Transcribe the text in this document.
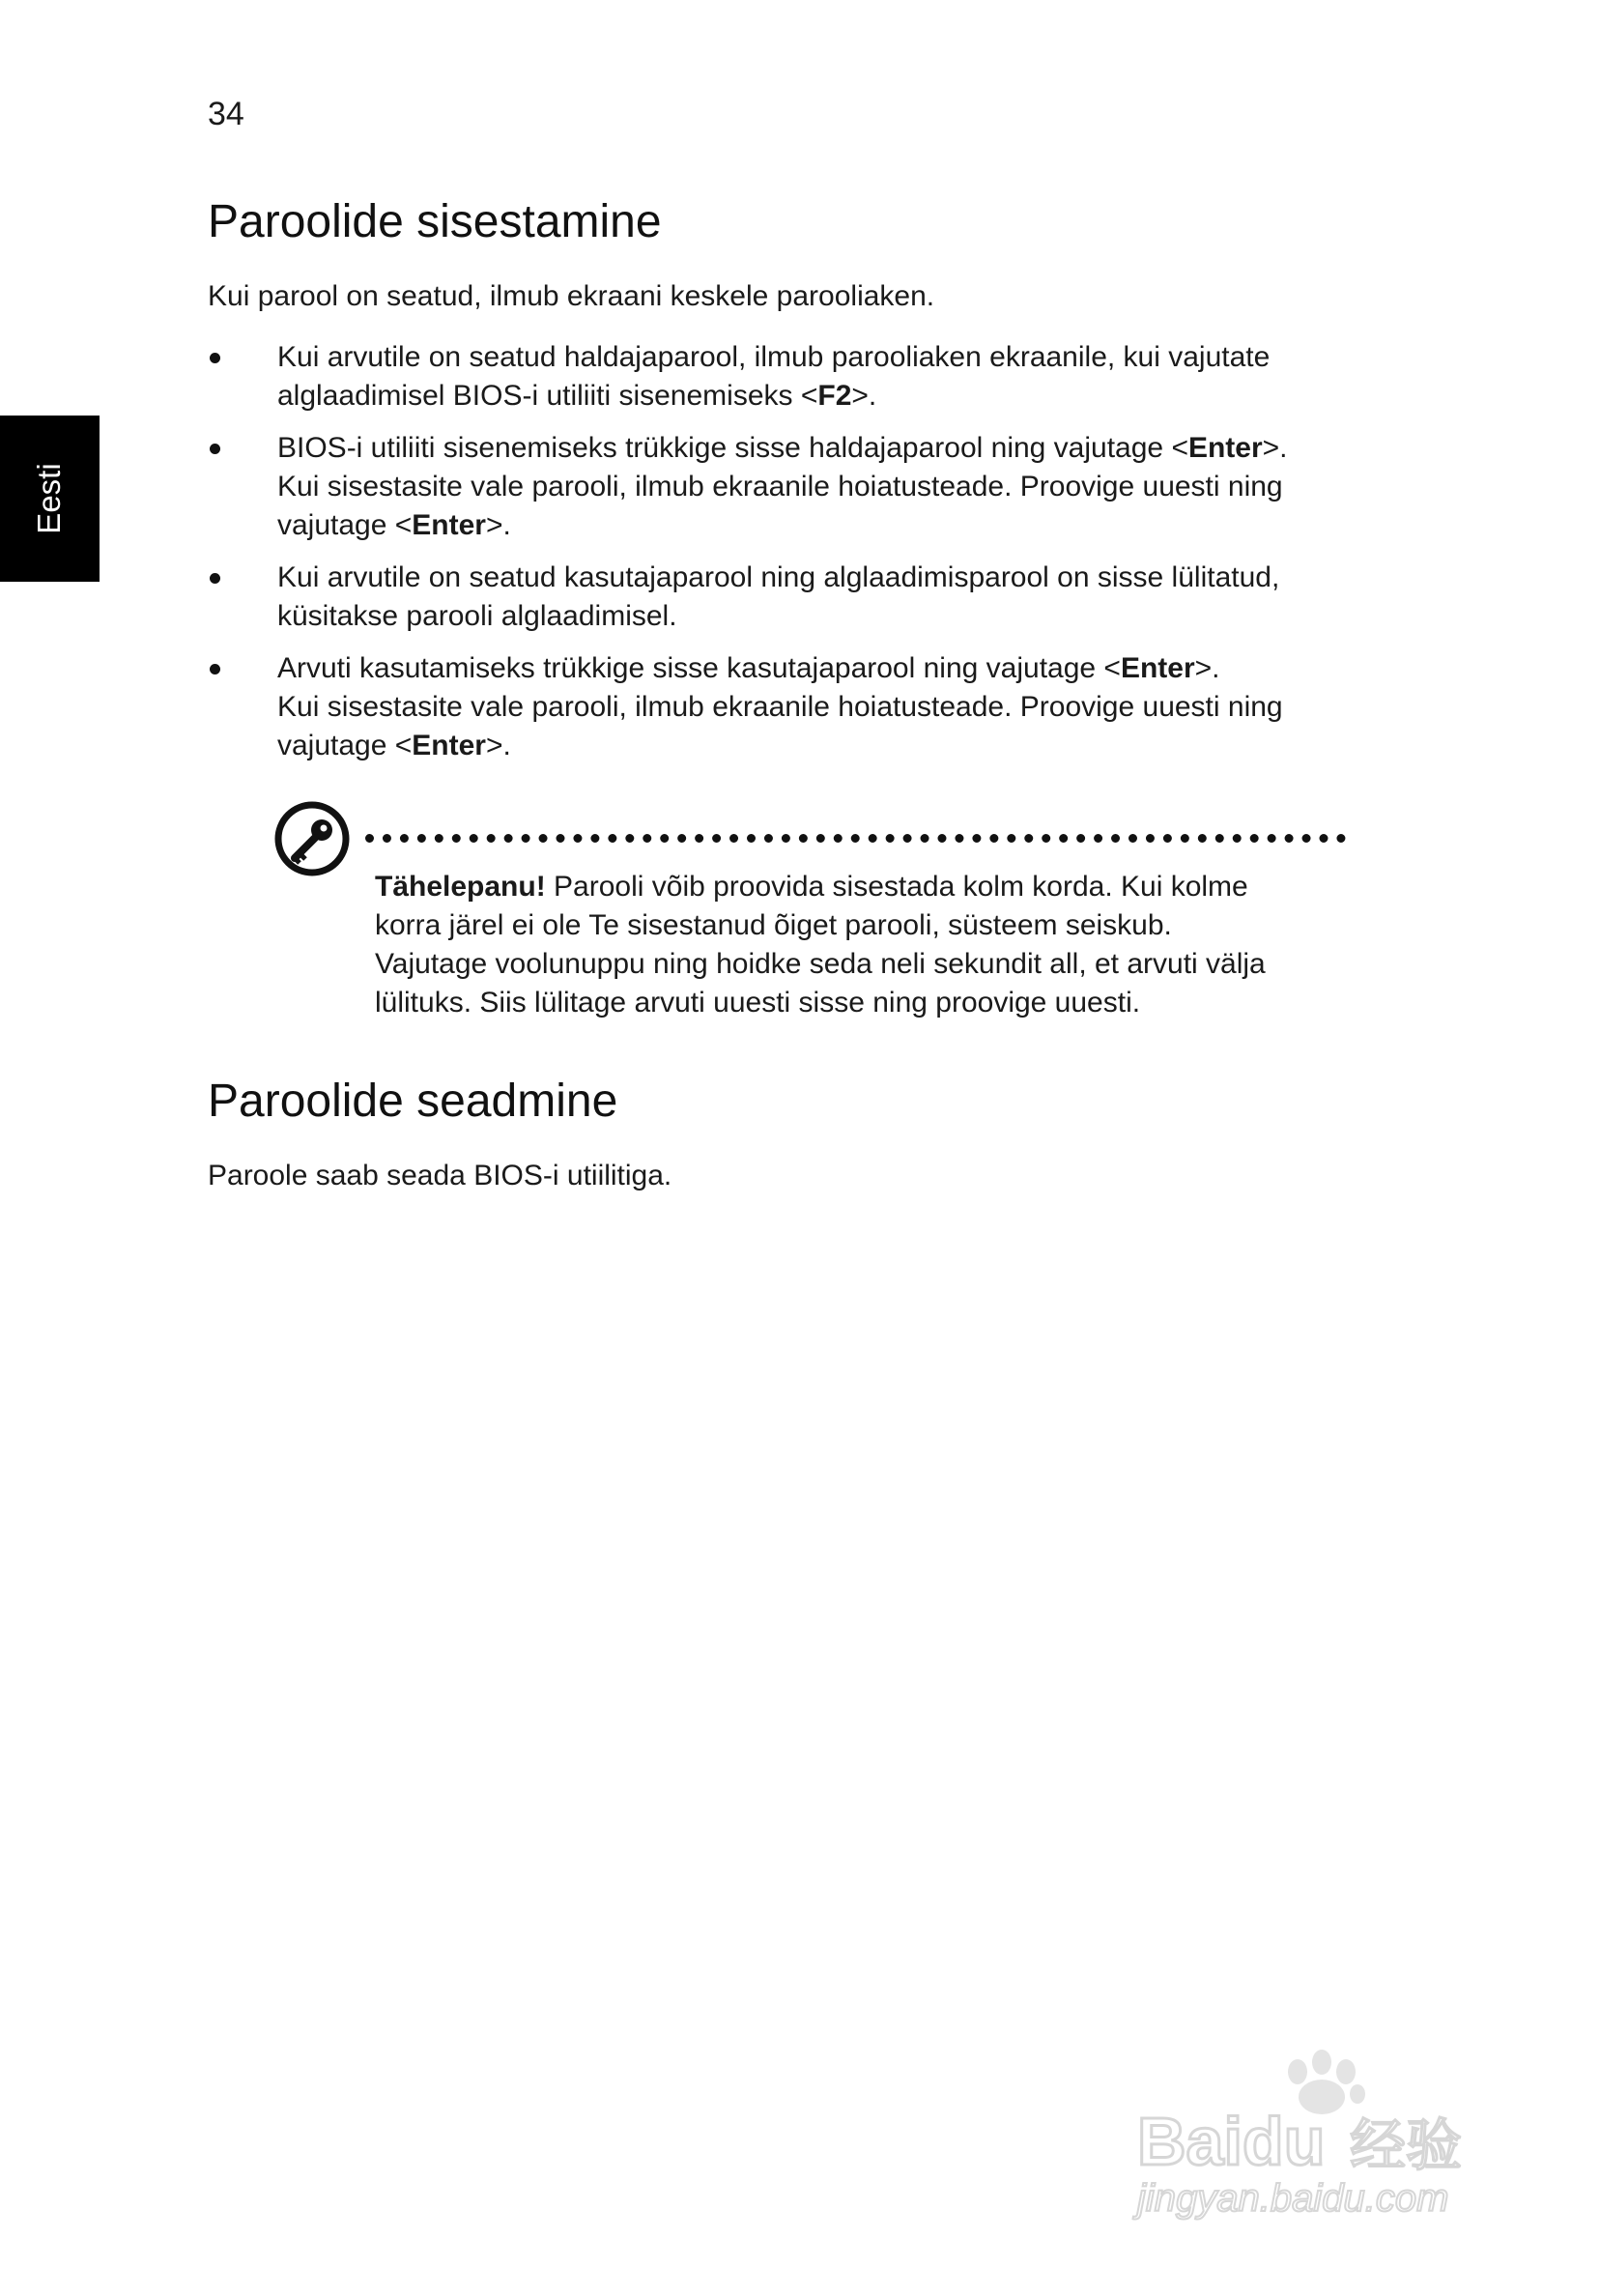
34
Eesti
Paroolide sisestamine

Kui parool on seatud, ilmub ekraani keskele parooliaken.

Kui arvutile on seatud haldajaparool, ilmub parooliaken ekraanile, kui vajutate
alglaadimisel BIOS-i utiliiti sisenemiseks <F2>.
BIOS-i utiliiti sisenemiseks trükkige sisse haldajaparool ning vajutage <Enter>.
Kui sisestasite vale parooli, ilmub ekraanile hoiatusteade. Proovige uuesti ning
vajutage <Enter>.
Kui arvutile on seatud kasutajaparool ning alglaadimisparool on sisse lülitatud,
küsitakse parooli alglaadimisel.
Arvuti kasutamiseks trükkige sisse kasutajaparool ning vajutage <Enter>.
Kui sisestasite vale parooli, ilmub ekraanile hoiatusteade. Proovige uuesti ning
vajutage <Enter>.

Tähelepanu! Parooli võib proovida sisestada kolm korda. Kui kolme
korra järel ei ole Te sisestanud õiget parooli, süsteem seiskub.
Vajutage voolunuppu ning hoidke seda neli sekundit all, et arvuti välja
lülituks. Siis lülitage arvuti uuesti sisse ning proovige uuesti.

Paroolide seadmine

Paroole saab seada BIOS-i utiilitiga.

Baidu 经验
jingyan.baidu.com
